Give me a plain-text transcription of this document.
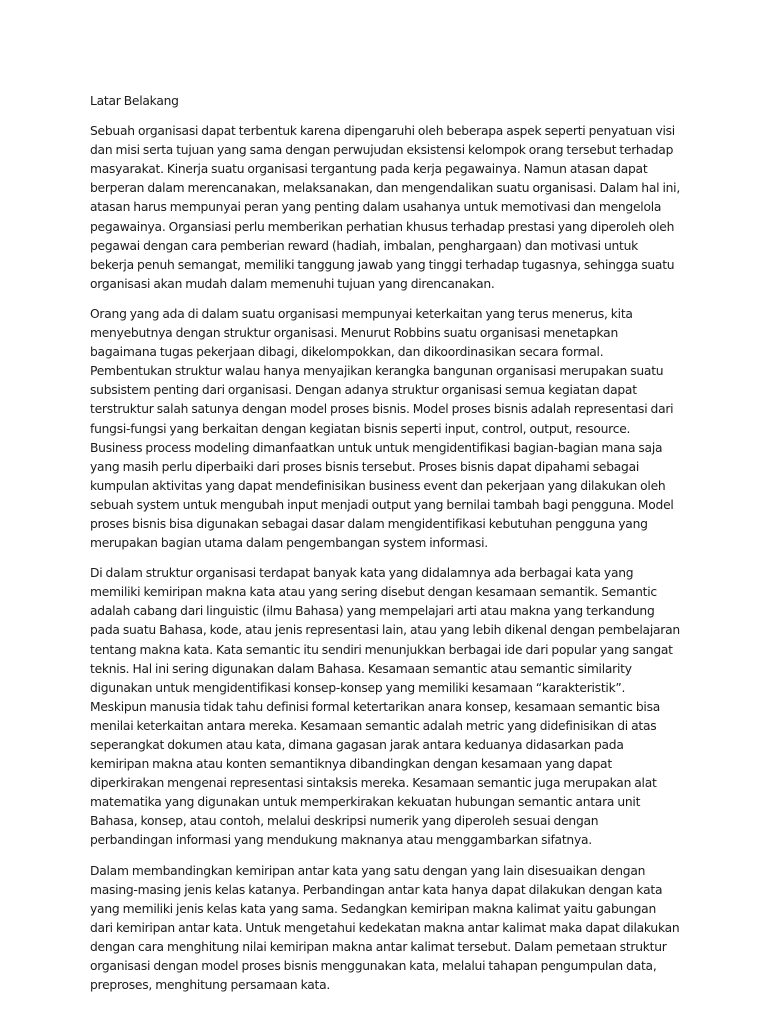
Latar Belakang

Sebuah organisasi dapat terbentuk karena dipengaruhi oleh beberapa aspek seperti penyatuan visi dan misi serta tujuan yang sama dengan perwujudan eksistensi kelompok orang tersebut terhadap masyarakat. Kinerja suatu organisasi tergantung pada kerja pegawainya. Namun atasan dapat berperan dalam merencanakan, melaksanakan, dan mengendalikan suatu organisasi. Dalam hal ini, atasan harus mempunyai peran yang penting dalam usahanya untuk memotivasi dan mengelola pegawainya. Organsiasi perlu memberikan perhatian khusus terhadap prestasi yang diperoleh oleh pegawai dengan cara pemberian reward (hadiah, imbalan, penghargaan) dan motivasi untuk bekerja penuh semangat, memiliki tanggung jawab yang tinggi terhadap tugasnya, sehingga suatu organisasi akan mudah dalam memenuhi tujuan yang direncanakan.

Orang yang ada di dalam suatu organisasi mempunyai keterkaitan yang terus menerus, kita menyebutnya dengan struktur organisasi. Menurut Robbins suatu organisasi menetapkan bagaimana tugas pekerjaan dibagi, dikelompokkan, dan dikoordinasikan secara formal. Pembentukan struktur walau hanya menyajikan kerangka bangunan organisasi merupakan suatu subsistem penting dari organisasi. Dengan adanya struktur organisasi semua kegiatan dapat terstruktur salah satunya dengan model proses bisnis. Model proses bisnis adalah representasi dari fungsi-fungsi yang berkaitan dengan kegiatan bisnis seperti input, control, output, resource. Business process modeling dimanfaatkan untuk untuk mengidentifikasi bagian-bagian mana saja yang masih perlu diperbaiki dari proses bisnis tersebut. Proses bisnis dapat dipahami sebagai kumpulan aktivitas yang dapat mendefinisikan business event dan pekerjaan yang dilakukan oleh sebuah system untuk mengubah input menjadi output yang bernilai tambah bagi pengguna. Model proses bisnis bisa digunakan sebagai dasar dalam mengidentifikasi kebutuhan pengguna yang merupakan bagian utama dalam pengembangan system informasi.

Di dalam struktur organisasi terdapat banyak kata yang didalamnya ada berbagai kata yang memiliki kemiripan makna kata atau yang sering disebut dengan kesamaan semantik. Semantic adalah cabang dari linguistic (ilmu Bahasa) yang mempelajari arti atau makna yang terkandung pada suatu Bahasa, kode, atau jenis representasi lain, atau yang lebih dikenal dengan pembelajaran tentang makna kata. Kata semantic itu sendiri menunjukkan berbagai ide dari popular yang sangat teknis. Hal ini sering digunakan dalam Bahasa. Kesamaan semantic atau semantic similarity digunakan untuk mengidentifikasi konsep-konsep yang memiliki kesamaan “karakteristik”. Meskipun manusia tidak tahu definisi formal ketertarikan anara konsep, kesamaan semantic bisa menilai keterkaitan antara mereka. Kesamaan semantic adalah metric yang didefinisikan di atas seperangkat dokumen atau kata, dimana gagasan jarak antara keduanya didasarkan pada kemiripan makna atau konten semantiknya dibandingkan dengan kesamaan yang dapat diperkirakan mengenai representasi sintaksis mereka. Kesamaan semantic juga merupakan alat matematika yang digunakan untuk memperkirakan kekuatan hubungan semantic antara unit Bahasa, konsep, atau contoh, melalui deskripsi numerik yang diperoleh sesuai dengan perbandingan informasi yang mendukung maknanya atau menggambarkan sifatnya.

Dalam membandingkan kemiripan antar kata yang satu dengan yang lain disesuaikan dengan masing-masing jenis kelas katanya. Perbandingan antar kata hanya dapat dilakukan dengan kata yang memiliki jenis kelas kata yang sama. Sedangkan kemiripan makna kalimat yaitu gabungan dari kemiripan antar kata. Untuk mengetahui kedekatan makna antar kalimat maka dapat dilakukan dengan cara menghitung nilai kemiripan makna antar kalimat tersebut. Dalam pemetaan struktur organisasi dengan model proses bisnis menggunakan kata, melalui tahapan pengumpulan data, preproses, menghitung persamaan kata.
